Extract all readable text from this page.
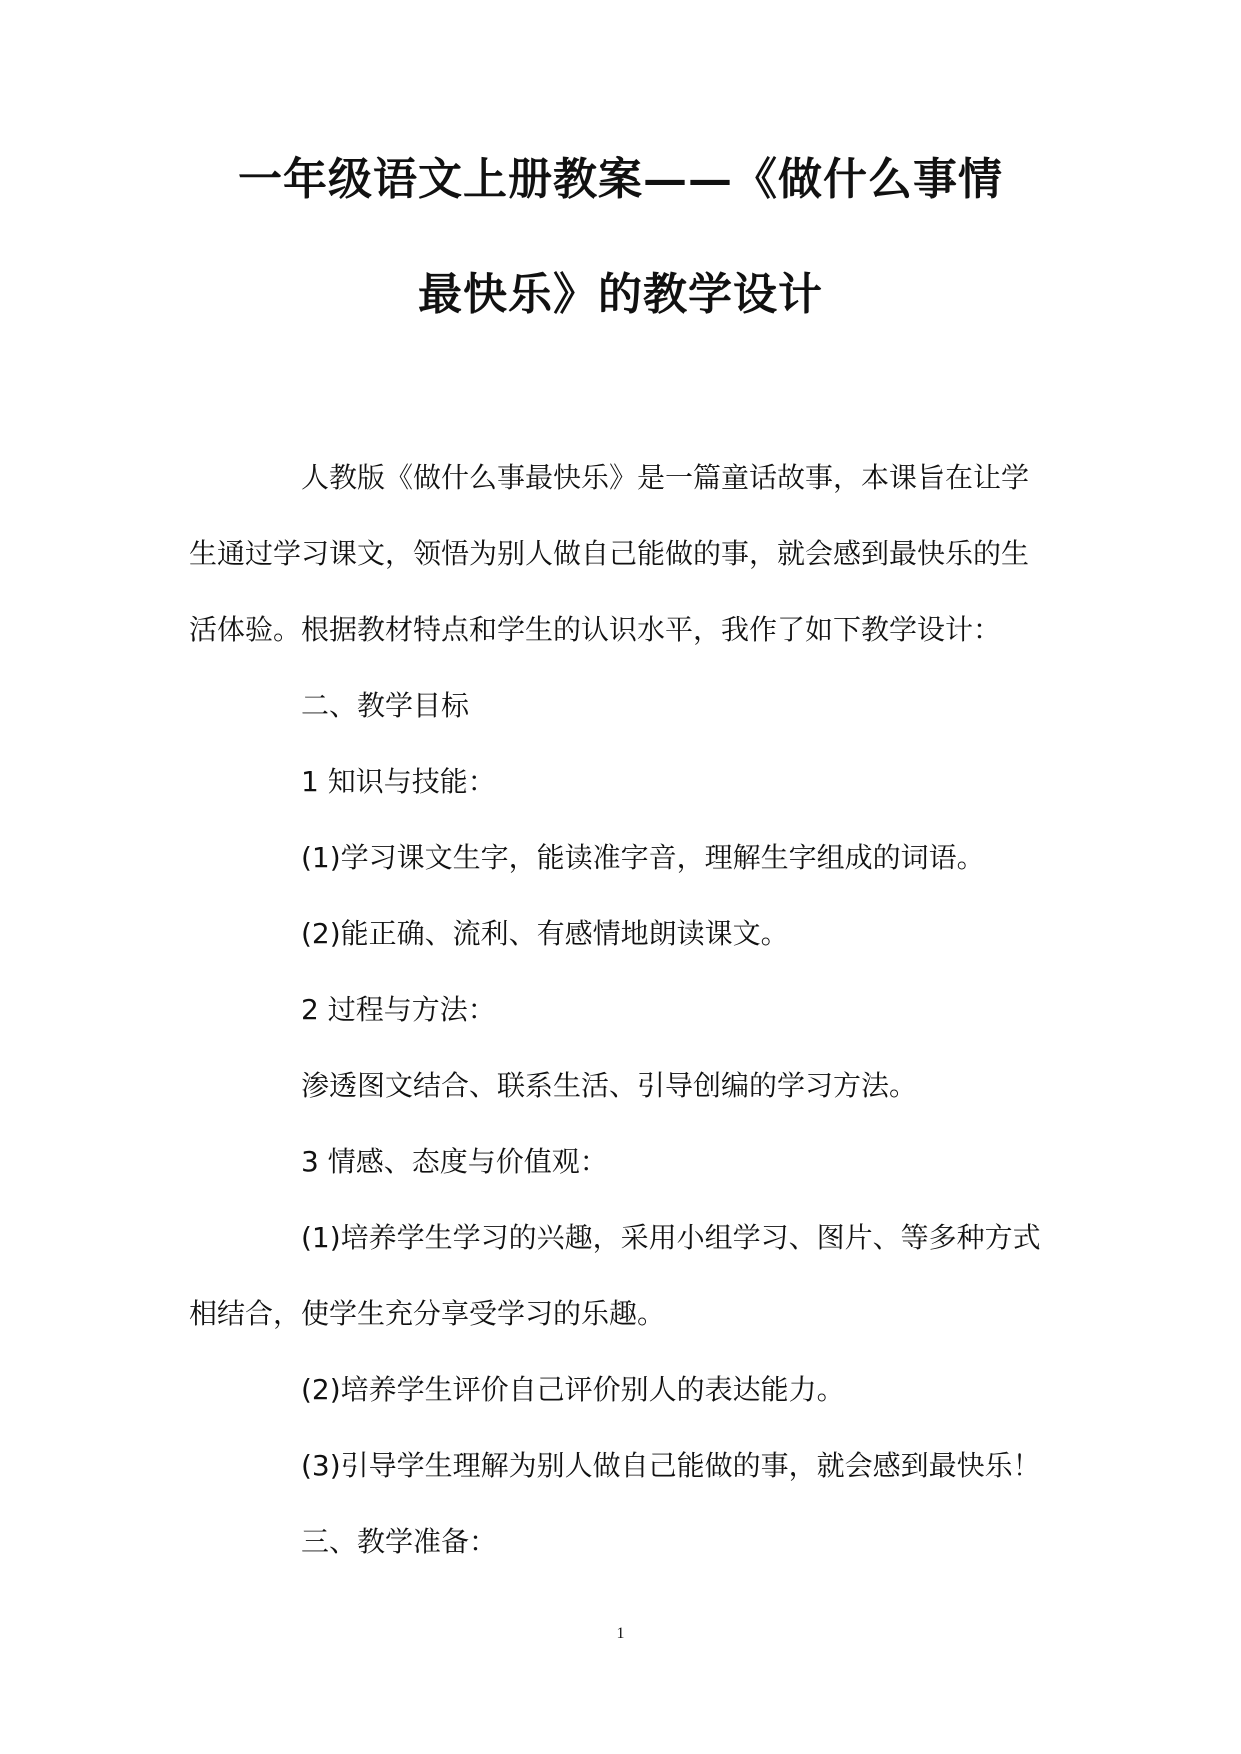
一年级语文上册教案——《做什么事情
最快乐》的教学设计

人教版《做什么事最快乐》是一篇童话故事，本课旨在让学生通过学习课文，领悟为别人做自己能做的事，就会感到最快乐的生活体验。根据教材特点和学生的认识水平，我作了如下教学设计：

二、教学目标

1 知识与技能：

(1)学习课文生字，能读准字音，理解生字组成的词语。

(2)能正确、流利、有感情地朗读课文。

2 过程与方法：

渗透图文结合、联系生活、引导创编的学习方法。

3 情感、态度与价值观：

(1)培养学生学习的兴趣，采用小组学习、图片、等多种方式相结合，使学生充分享受学习的乐趣。

(2)培养学生评价自己评价别人的表达能力。

(3)引导学生理解为别人做自己能做的事，就会感到最快乐！

三、教学准备：

1
